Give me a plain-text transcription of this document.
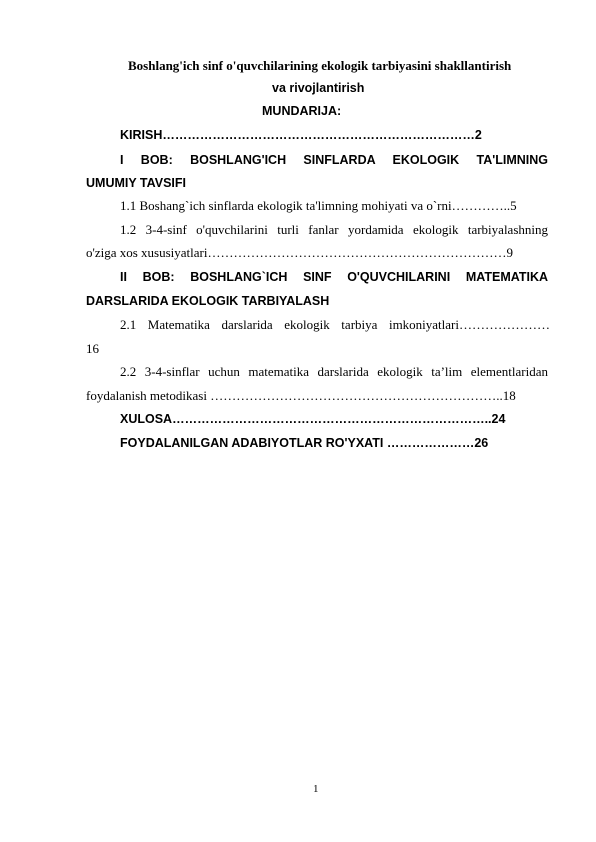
Boshlang'ich sinf o'quvchilarining ekologik tarbiyasini shakllantirish
va rivojlantirish
MUNDARIJA:
KIRISH…………………………………………………………………2
I BOB: BOSHLANG'ICH SINFLARDA EKOLOGIK TA'LIMNING
UMUMIY TAVSIFI
1.1 Boshang`ich sinflarda ekologik ta'limning mohiyati va o`rni…………..5
1.2 3-4-sinf o'quvchilarini turli fanlar yordamida ekologik tarbiyalashning
o'ziga xos xususiyatlari……………………………………………………………9
II BOB: BOSHLANG`ICH SINF O'QUVCHILARINI MATEMATIKA
DARSLARIDA EKOLOGIK TARBIYALASH
2.1 Matematika darslarida ekologik tarbiya imkoniyatlari…………………
16
2.2 3-4-sinflar uchun matematika darslarida ekologik ta’lim elementlaridan
foydalanish metodikasi …………………………………………………………..18
XULOSA…………………………………………………………………..24
FOYDALANILGAN ADABIYOTLAR RO'YXATI …………………26
1
